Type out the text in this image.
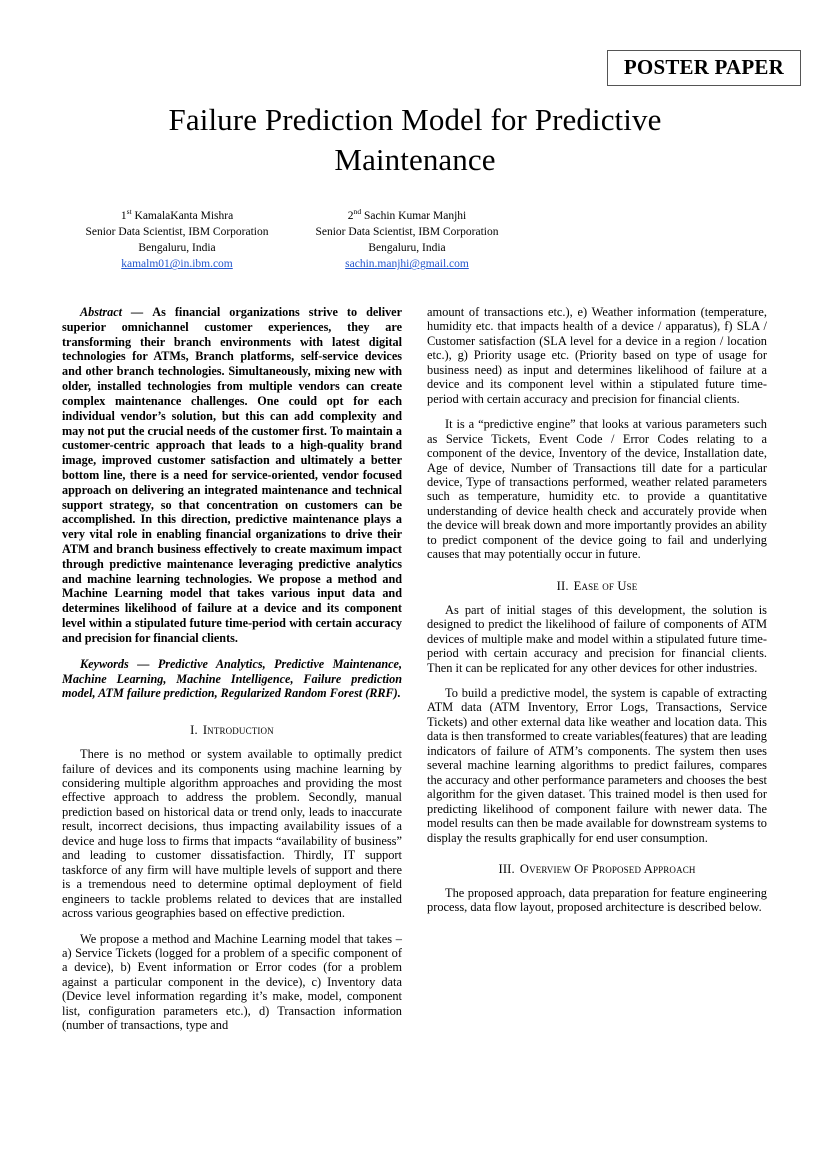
POSTER PAPER
Failure Prediction Model for Predictive Maintenance
1st KamalaKanta Mishra
Senior Data Scientist, IBM Corporation
Bengaluru, India
kamalm01@in.ibm.com
2nd Sachin Kumar Manjhi
Senior Data Scientist, IBM Corporation
Bengaluru, India
sachin.manjhi@gmail.com

Abstract — As financial organizations strive to deliver superior omnichannel customer experiences, they are transforming their branch environments with latest digital technologies for ATMs, Branch platforms, self-service devices and other branch technologies. Simultaneously, mixing new with older, installed technologies from multiple vendors can create complex maintenance challenges. One could opt for each individual vendor’s solution, but this can add complexity and may not put the crucial needs of the customer first. To maintain a customer-centric approach that leads to a high-quality brand image, improved customer satisfaction and ultimately a better bottom line, there is a need for service-oriented, vendor focused approach on delivering an integrated maintenance and technical support strategy, so that concentration on customers can be accomplished. In this direction, predictive maintenance plays a very vital role in enabling financial organizations to drive their ATM and branch business effectively to create maximum impact through predictive maintenance leveraging predictive analytics and machine learning technologies. We propose a method and Machine Learning model that takes various input data and determines likelihood of failure at a device and its component level within a stipulated future time-period with certain accuracy and precision for financial clients.

Keywords — Predictive Analytics, Predictive Maintenance, Machine Learning, Machine Intelligence, Failure prediction model, ATM failure prediction, Regularized Random Forest (RRF).

I. Introduction

There is no method or system available to optimally predict failure of devices and its components using machine learning by considering multiple algorithm approaches and providing the most effective approach to address the problem. Secondly, manual prediction based on historical data or trend only, leads to inaccurate result, incorrect decisions, thus impacting availability issues of a device and huge loss to firms that impacts “availability of business” and leading to customer dissatisfaction. Thirdly, IT support taskforce of any firm will have multiple levels of support and there is a tremendous need to determine optimal deployment of field engineers to tackle problems related to devices that are installed across various geographies based on effective prediction.

We propose a method and Machine Learning model that takes – a) Service Tickets (logged for a problem of a specific component of a device), b) Event information or Error codes (for a problem against a particular component in the device), c) Inventory data (Device level information regarding it’s make, model, component list, configuration parameters etc.), d) Transaction information (number of transactions, type and

amount of transactions etc.), e) Weather information (temperature, humidity etc. that impacts health of a device / apparatus), f) SLA / Customer satisfaction (SLA level for a device in a region / location etc.), g) Priority usage etc. (Priority based on type of usage for business need) as input and determines likelihood of failure at a device and its component level within a stipulated future time-period with certain accuracy and precision for financial clients.

It is a “predictive engine” that looks at various parameters such as Service Tickets, Event Code / Error Codes relating to a component of the device, Inventory of the device, Installation date, Age of device, Number of Transactions till date for a particular device, Type of transactions performed, weather related parameters such as temperature, humidity etc. to provide a quantitative understanding of device health check and accurately provide when the device will break down and more importantly provides an ability to predict component of the device going to fail and underlying causes that may potentially occur in future.

II. Ease of Use

As part of initial stages of this development, the solution is designed to predict the likelihood of failure of components of ATM devices of multiple make and model within a stipulated future time-period with certain accuracy and precision for financial clients. Then it can be replicated for any other devices for other industries.

To build a predictive model, the system is capable of extracting ATM data (ATM Inventory, Error Logs, Transactions, Service Tickets) and other external data like weather and location data. This data is then transformed to create variables(features) that are leading indicators of failure of ATM’s components. The system then uses several machine learning algorithms to predict failures, compares the accuracy and other performance parameters and chooses the best algorithm for the given dataset. This trained model is then used for predicting likelihood of component failure with newer data. The model results can then be made available for downstream systems to display the results graphically for end user consumption.

III. Overview Of Proposed Approach

The proposed approach, data preparation for feature engineering process, data flow layout, proposed architecture is described below.
